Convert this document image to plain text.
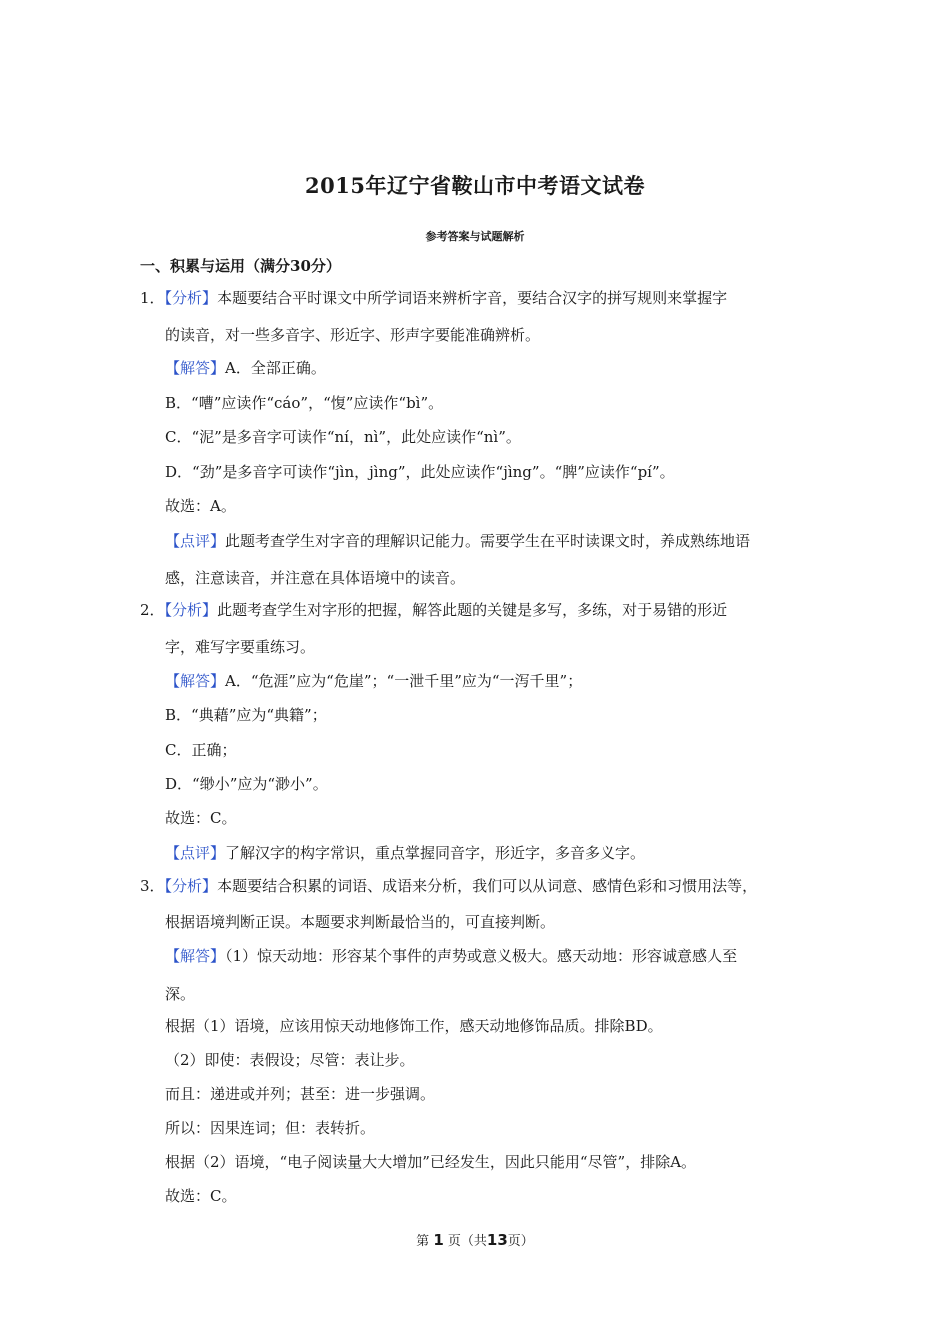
2015年辽宁省鞍山市中考语文试卷
参考答案与试题解析
一、积累与运用（满分30分）
1．【分析】本题要结合平时课文中所学词语来辨析字音，要结合汉字的拼写规则来掌握字
的读音，对一些多音字、形近字、形声字要能准确辨析。
【解答】A．全部正确。
B．“嘈”应读作“cáo”，“愎”应读作“bì”。
C．“泥”是多音字可读作“ní，nì”，此处应读作“nì”。
D．“劲”是多音字可读作“jìn，jìng”，此处应读作“jìng”。“脾”应读作“pí”。
故选：A。
【点评】此题考查学生对字音的理解识记能力。需要学生在平时读课文时，养成熟练地语
感，注意读音，并注意在具体语境中的读音。
2．【分析】此题考查学生对字形的把握，解答此题的关键是多写，多练，对于易错的形近
字，难写字要重练习。
【解答】A．“危涯”应为“危崖”；“一泄千里”应为“一泻千里”；
B．“典藉”应为“典籍”；
C．正确；
D．“缈小”应为“渺小”。
故选：C。
【点评】了解汉字的构字常识，重点掌握同音字，形近字，多音多义字。
3．【分析】本题要结合积累的词语、成语来分析，我们可以从词意、感情色彩和习惯用法等，
根据语境判断正误。本题要求判断最恰当的，可直接判断。
【解答】（1）惊天动地：形容某个事件的声势或意义极大。感天动地：形容诚意感人至
深。
根据（1）语境，应该用惊天动地修饰工作，感天动地修饰品质。排除BD。
（2）即使：表假设；尽管：表让步。
而且：递进或并列；甚至：进一步强调。
所以：因果连词；但：表转折。
根据（2）语境，“电子阅读量大大增加”已经发生，因此只能用“尽管”，排除A。
故选：C。
第 1 页（共13页）
